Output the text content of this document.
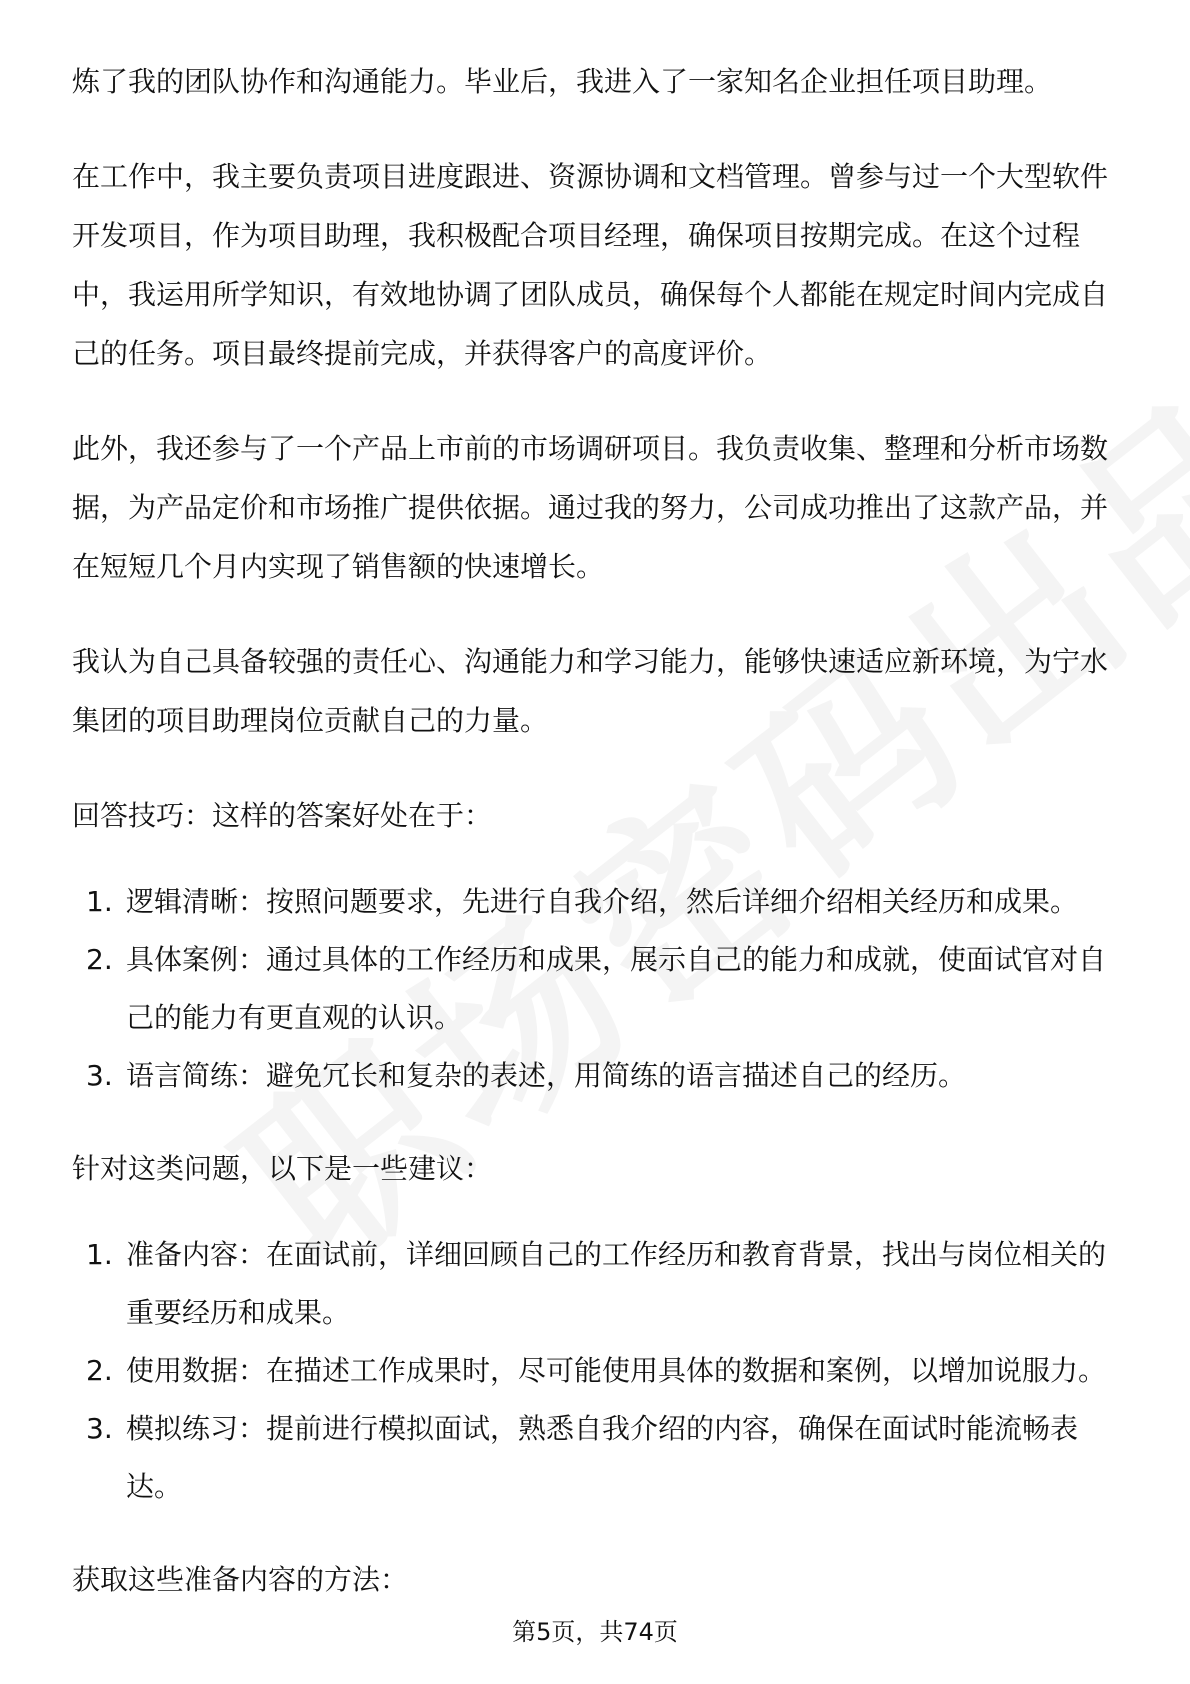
炼了我的团队协作和沟通能力。毕业后，我进入了一家知名企业担任项目助理。

在工作中，我主要负责项目进度跟进、资源协调和文档管理。曾参与过一个大型软件开发项目，作为项目助理，我积极配合项目经理，确保项目按期完成。在这个过程中，我运用所学知识，有效地协调了团队成员，确保每个人都能在规定时间内完成自己的任务。项目最终提前完成，并获得客户的高度评价。

此外，我还参与了一个产品上市前的市场调研项目。我负责收集、整理和分析市场数据，为产品定价和市场推广提供依据。通过我的努力，公司成功推出了这款产品，并在短短几个月内实现了销售额的快速增长。

我认为自己具备较强的责任心、沟通能力和学习能力，能够快速适应新环境，为宁水集团的项目助理岗位贡献自己的力量。

回答技巧：这样的答案好处在于：

1. 逻辑清晰：按照问题要求，先进行自我介绍，然后详细介绍相关经历和成果。
2. 具体案例：通过具体的工作经历和成果，展示自己的能力和成就，使面试官对自己的能力有更直观的认识。
3. 语言简练：避免冗长和复杂的表述，用简练的语言描述自己的经历。

针对这类问题，以下是一些建议：

1. 准备内容：在面试前，详细回顾自己的工作经历和教育背景，找出与岗位相关的重要经历和成果。
2. 使用数据：在描述工作成果时，尽可能使用具体的数据和案例，以增加说服力。
3. 模拟练习：提前进行模拟面试，熟悉自我介绍的内容，确保在面试时能流畅表达。

获取这些准备内容的方法：

第5页，共74页
